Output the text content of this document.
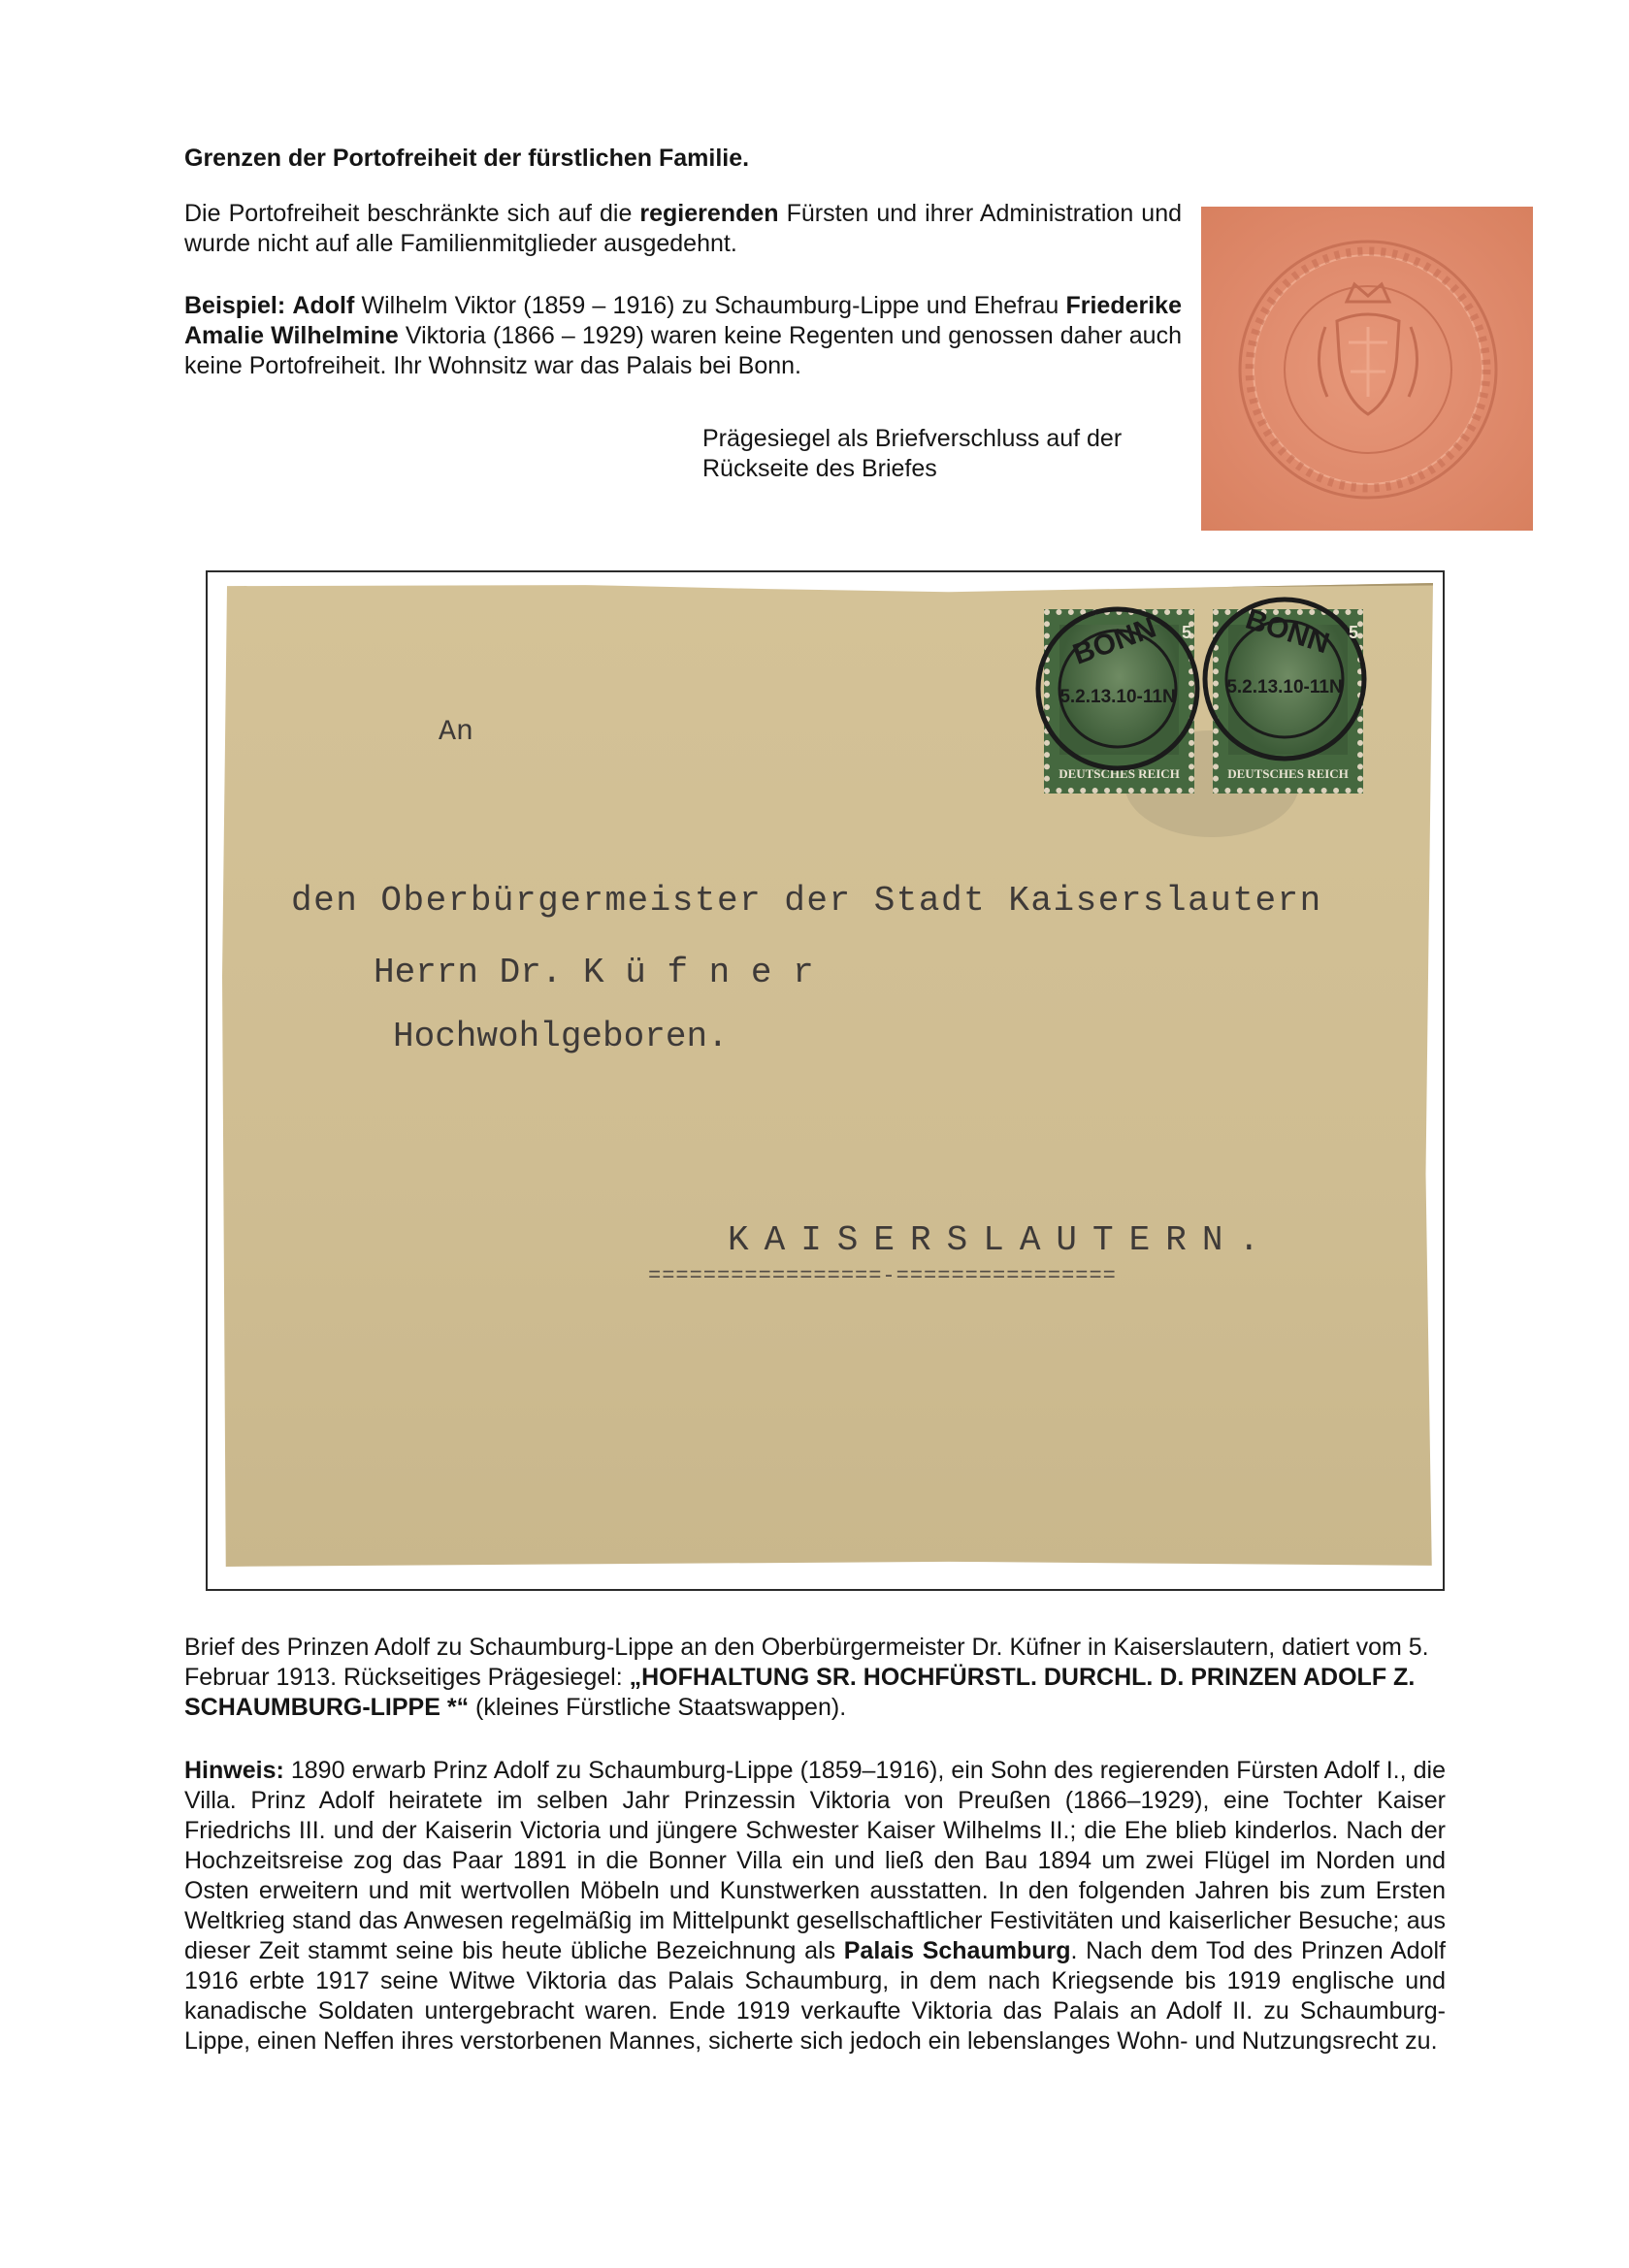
Grenzen der Portofreiheit der fürstlichen Familie.
Die Portofreiheit beschränkte sich auf die regierenden Fürsten und ihrer Administration und wurde nicht auf alle Familienmitglieder ausgedehnt.
Beispiel: Adolf Wilhelm Viktor (1859 – 1916) zu Schaumburg-Lippe und Ehefrau Friederike Amalie Wilhelmine Viktoria (1866 – 1929) waren keine Regenten und genossen daher auch keine Portofreiheit. Ihr Wohnsitz war das Palais bei Bonn.
Prägesiegel als Briefverschluss auf der Rückseite des Briefes
DEUTSCHES REICH	DEUTSCHES REICH
BONN	BONN
5.2.13.10-11N	5.2.13.10-11N
5	5
An
den Oberbürgermeister der Stadt Kaiserslautern
Herrn Dr. K ü f n e r
Hochwohlgeboren.
KAISERSLAUTERN.
=================-================
Brief des Prinzen Adolf zu Schaumburg-Lippe an den Oberbürgermeister Dr. Küfner in Kaiserslautern, datiert vom 5. Februar 1913. Rückseitiges Prägesiegel: „HOFHALTUNG SR. HOCHFÜRSTL. DURCHL. D. PRINZEN ADOLF Z. SCHAUMBURG-LIPPE *“ (kleines Fürstliche Staatswappen).
Hinweis: 1890 erwarb Prinz Adolf zu Schaumburg-Lippe (1859–1916), ein Sohn des regierenden Fürsten Adolf I., die Villa. Prinz Adolf heiratete im selben Jahr Prinzessin Viktoria von Preußen (1866–1929), eine Tochter Kaiser Friedrichs III. und der Kaiserin Victoria und jüngere Schwester Kaiser Wilhelms II.; die Ehe blieb kinderlos. Nach der Hochzeitsreise zog das Paar 1891 in die Bonner Villa ein und ließ den Bau 1894 um zwei Flügel im Norden und Osten erweitern und mit wertvollen Möbeln und Kunstwerken ausstatten. In den folgenden Jahren bis zum Ersten Weltkrieg stand das Anwesen regelmäßig im Mittelpunkt gesellschaftlicher Festivitäten und kaiserlicher Besuche; aus dieser Zeit stammt seine bis heute übliche Bezeichnung als Palais Schaumburg. Nach dem Tod des Prinzen Adolf 1916 erbte 1917 seine Witwe Viktoria das Palais Schaumburg, in dem nach Kriegsende bis 1919 englische und kanadische Soldaten untergebracht waren. Ende 1919 verkaufte Viktoria das Palais an Adolf II. zu Schaumburg-Lippe, einen Neffen ihres verstorbenen Mannes, sicherte sich jedoch ein lebenslanges Wohn- und Nutzungsrecht zu.
